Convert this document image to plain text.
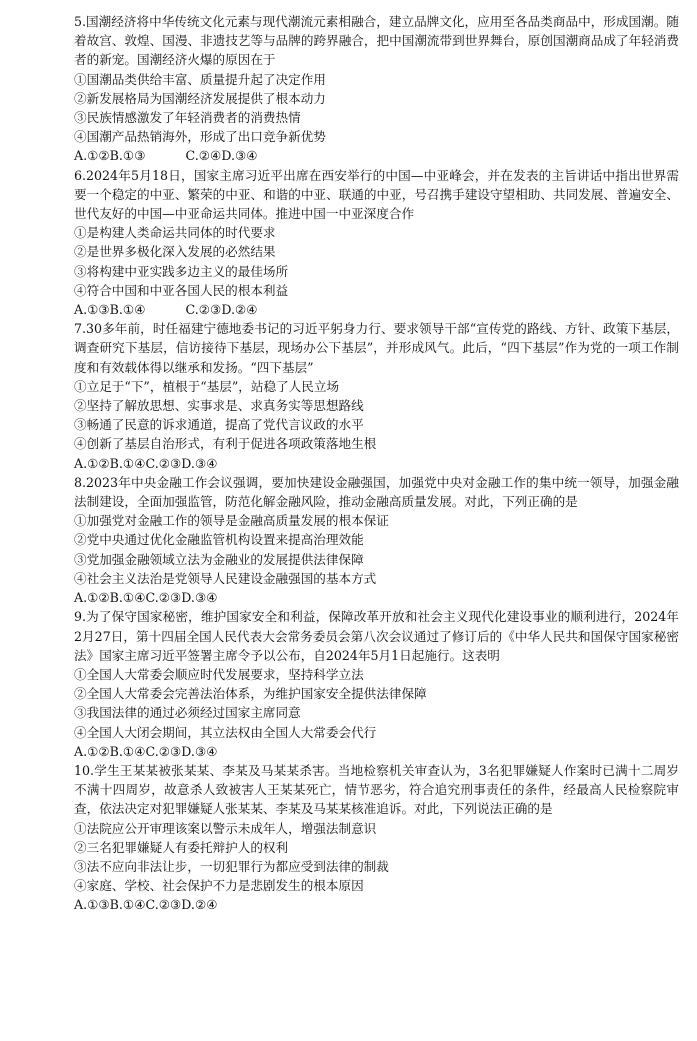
5.国潮经济将中华传统文化元素与现代潮流元素相融合，建立品牌文化，应用至各品类商品中，形成国潮。随着故宫、敦煌、国漫、非遗技艺等与品牌的跨界融合，把中国潮流带到世界舞台，原创国潮商品成了年轻消费者的新宠。国潮经济火爆的原因在于

①国潮品类供给丰富、质量提升起了决定作用

②新发展格局为国潮经济发展提供了根本动力

③民族情感激发了年轻消费者的消费热情

④国潮产品热销海外，形成了出口竞争新优势

A.①②B.①③          C.②④D.③④

6.2024年5月18日，国家主席习近平出席在西安举行的中国—中亚峰会，并在发表的主旨讲话中指出世界需要一个稳定的中亚、繁荣的中亚、和谐的中亚、联通的中亚，号召携手建设守望相助、共同发展、普遍安全、世代友好的中国—中亚命运共同体。推进中国一中亚深度合作

①是构建人类命运共同体的时代要求

②是世界多极化深入发展的必然结果

③将构建中亚实践多边主义的最佳场所

④符合中国和中亚各国人民的根本利益

A.①③B.①④          C.②③D.②④

7.30多年前，时任福建宁德地委书记的习近平躬身力行、要求领导干部“宣传党的路线、方针、政策下基层，调查研究下基层，信访接待下基层，现场办公下基层”，并形成风气。此后，“四下基层”作为党的一项工作制度和有效载体得以继承和发扬。“四下基层”

①立足于“下”，植根于“基层”，站稳了人民立场

②坚持了解放思想、实事求是、求真务实等思想路线

③畅通了民意的诉求通道，提高了党代言议政的水平

④创新了基层自治形式，有利于促进各项政策落地生根

A.①②B.①④C.②③D.③④

8.2023年中央金融工作会议强调，要加快建设金融强国，加强党中央对金融工作的集中统一领导，加强金融法制建设，全面加强监管，防范化解金融风险，推动金融高质量发展。对此，下列正确的是

①加强党对金融工作的领导是金融高质量发展的根本保证

②党中央通过优化金融监管机构设置来提高治理效能

③党加强金融领域立法为金融业的发展提供法律保障

④社会主义法治是党领导人民建设金融强国的基本方式

A.①②B.①④C.②③D.③④

9.为了保守国家秘密，维护国家安全和利益，保障改革开放和社会主义现代化建设事业的顺利进行，2024年2月27日，第十四届全国人民代表大会常务委员会第八次会议通过了修订后的《中华人民共和国保守国家秘密法》国家主席习近平签署主席令予以公布，自2024年5月1日起施行。这表明

①全国人大常委会顺应时代发展要求，坚持科学立法

②全国人大常委会完善法治体系，为维护国家安全提供法律保障

③我国法律的通过必须经过国家主席同意

④全国人大闭会期间，其立法权由全国人大常委会代行

A.①②B.①④C.②③D.③④

10.学生王某某被张某某、李某及马某某杀害。当地检察机关审查认为，3名犯罪嫌疑人作案时已满十二周岁不满十四周岁，故意杀人致被害人王某某死亡，情节恶劣，符合追究刑事责任的条件，经最高人民检察院审查，依法决定对犯罪嫌疑人张某某、李某及马某某核准追诉。对此，下列说法正确的是

①法院应公开审理该案以警示未成年人，增强法制意识

②三名犯罪嫌疑人有委托辩护人的权利

③法不应向非法让步，一切犯罪行为都应受到法律的制裁

④家庭、学校、社会保护不力是悲剧发生的根本原因

A.①③B.①④C.②③D.②④
